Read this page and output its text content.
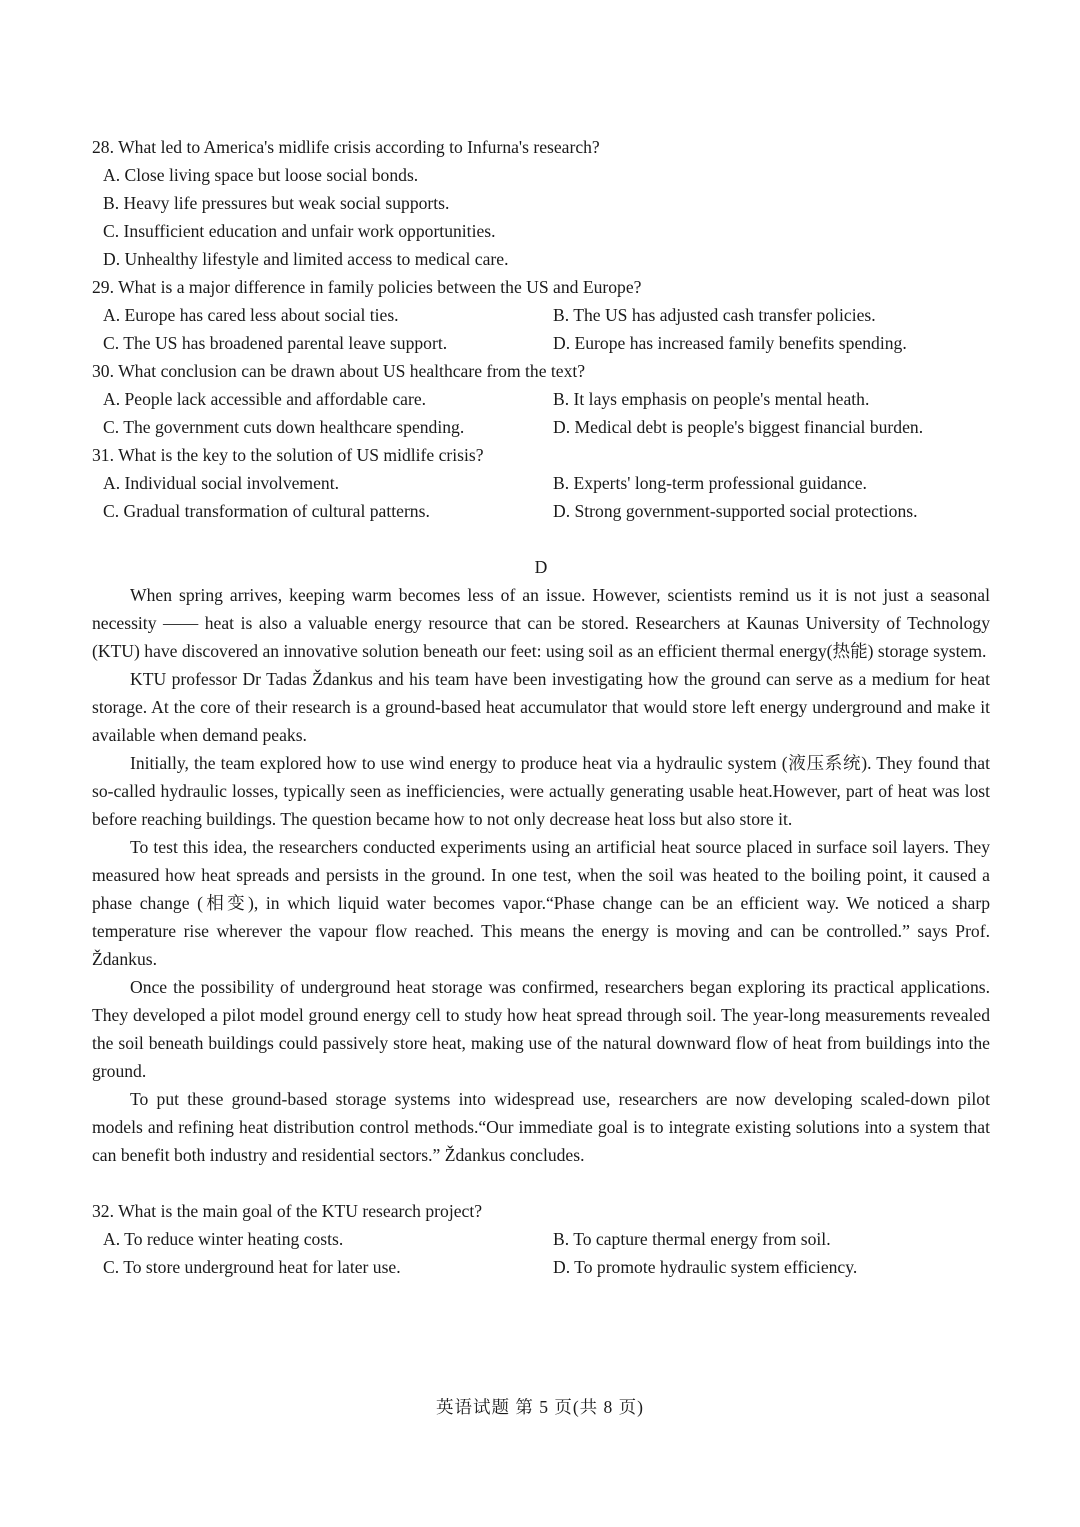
28. What led to America's midlife crisis according to Infurna's research?

A. Close living space but loose social bonds.

B. Heavy life pressures but weak social supports.

C. Insufficient education and unfair work opportunities.

D. Unhealthy lifestyle and limited access to medical care.

29. What is a major difference in family policies between the US and Europe?

A. Europe has cared less about social ties.	B. The US has adjusted cash transfer policies.
C. The US has broadened parental leave support.	D. Europe has increased family benefits spending.

30. What conclusion can be drawn about US healthcare from the text?

A. People lack accessible and affordable care.	B. It lays emphasis on people's mental heath.
C. The government cuts down healthcare spending.	D. Medical debt is people's biggest financial burden.

31. What is the key to the solution of US midlife crisis?

A. Individual social involvement.	B. Experts' long-term professional guidance.
C. Gradual transformation of cultural patterns.	D. Strong government-supported social protections.

D

When spring arrives, keeping warm becomes less of an issue. However, scientists remind us it is not just a seasonal necessity —— heat is also a valuable energy resource that can be stored. Researchers at Kaunas University of Technology (KTU) have discovered an innovative solution beneath our feet: using soil as an efficient thermal energy(热能) storage system.

KTU professor Dr Tadas Ždankus and his team have been investigating how the ground can serve as a medium for heat storage. At the core of their research is a ground-based heat accumulator that would store left energy underground and make it available when demand peaks.

Initially, the team explored how to use wind energy to produce heat via a hydraulic system (液压系统). They found that so-called hydraulic losses, typically seen as inefficiencies, were actually generating usable heat.However, part of heat was lost before reaching buildings. The question became how to not only decrease heat loss but also store it.

To test this idea, the researchers conducted experiments using an artificial heat source placed in surface soil layers. They measured how heat spreads and persists in the ground. In one test, when the soil was heated to the boiling point, it caused a phase change (相变), in which liquid water becomes vapor.“Phase change can be an efficient way. We noticed a sharp temperature rise wherever the vapour flow reached. This means the energy is moving and can be controlled.” says Prof. Ždankus.

Once the possibility of underground heat storage was confirmed, researchers began exploring its practical applications. They developed a pilot model ground energy cell to study how heat spread through soil. The year-long measurements revealed the soil beneath buildings could passively store heat, making use of the natural downward flow of heat from buildings into the ground.

To put these ground-based storage systems into widespread use, researchers are now developing scaled-down pilot models and refining heat distribution control methods.“Our immediate goal is to integrate existing solutions into a system that can benefit both industry and residential sectors.” Ždankus concludes.

32. What is the main goal of the KTU research project?

A. To reduce winter heating costs.	B. To capture thermal energy from soil.
C. To store underground heat for later use.	D. To promote hydraulic system efficiency.
英语试题 第 5 页(共 8 页)
